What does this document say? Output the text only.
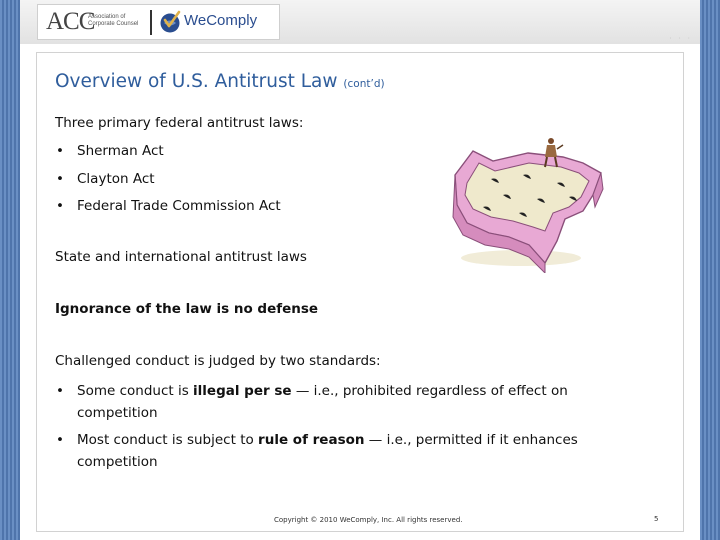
ACC
Association of Corporate Counsel	WeComply
· · ·
Overview of U.S. Antitrust Law (cont’d)

Three primary federal antitrust laws:

• Sherman Act
• Clayton Act
• Federal Trade Commission Act

State and international antitrust laws

Ignorance of the law is no defense

Challenged conduct is judged by two standards:

• Some conduct is illegal per se — i.e., prohibited regardless of effect on competition
• Most conduct is subject to rule of reason — i.e., permitted if it enhances competition
Copyright © 2010 WeComply, Inc. All rights reserved.	5
